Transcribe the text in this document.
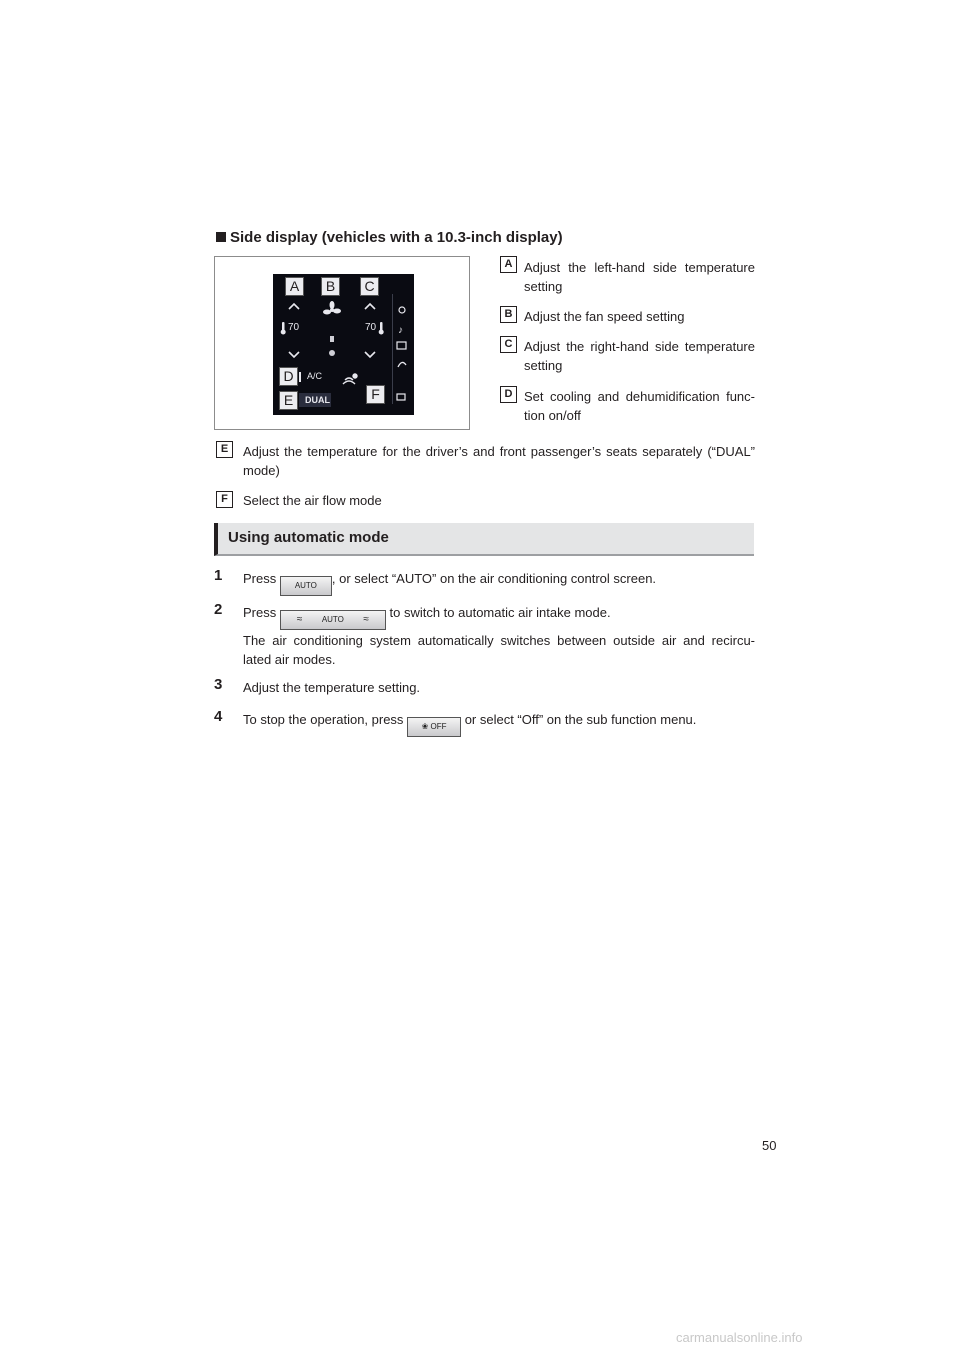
Side display (vehicles with a 10.3-inch display)
♪
70	70
A/C
DUAL
A	B	C
D
E	F
A Adjust the left-hand side temperature
setting
B Adjust the fan speed setting
C Adjust the right-hand side temperature
setting
D Set cooling and dehumidification func-
tion on/off
E	Adjust the temperature for the driver’s and front passenger’s seats separately (“DUAL”
mode)
F	Select the air flow mode
Using automatic mode
1 Press AUTO , or select “AUTO” on the air conditioning control screen.
2 Press ≈ AUTO ≈ to switch to automatic air intake mode.
The air conditioning system automatically switches between outside air and recircu-
lated air modes.
3 Adjust the temperature setting.
4 To stop the operation, press ❀ OFF or select “Off” on the sub function menu.
50
carmanualsonline.info
